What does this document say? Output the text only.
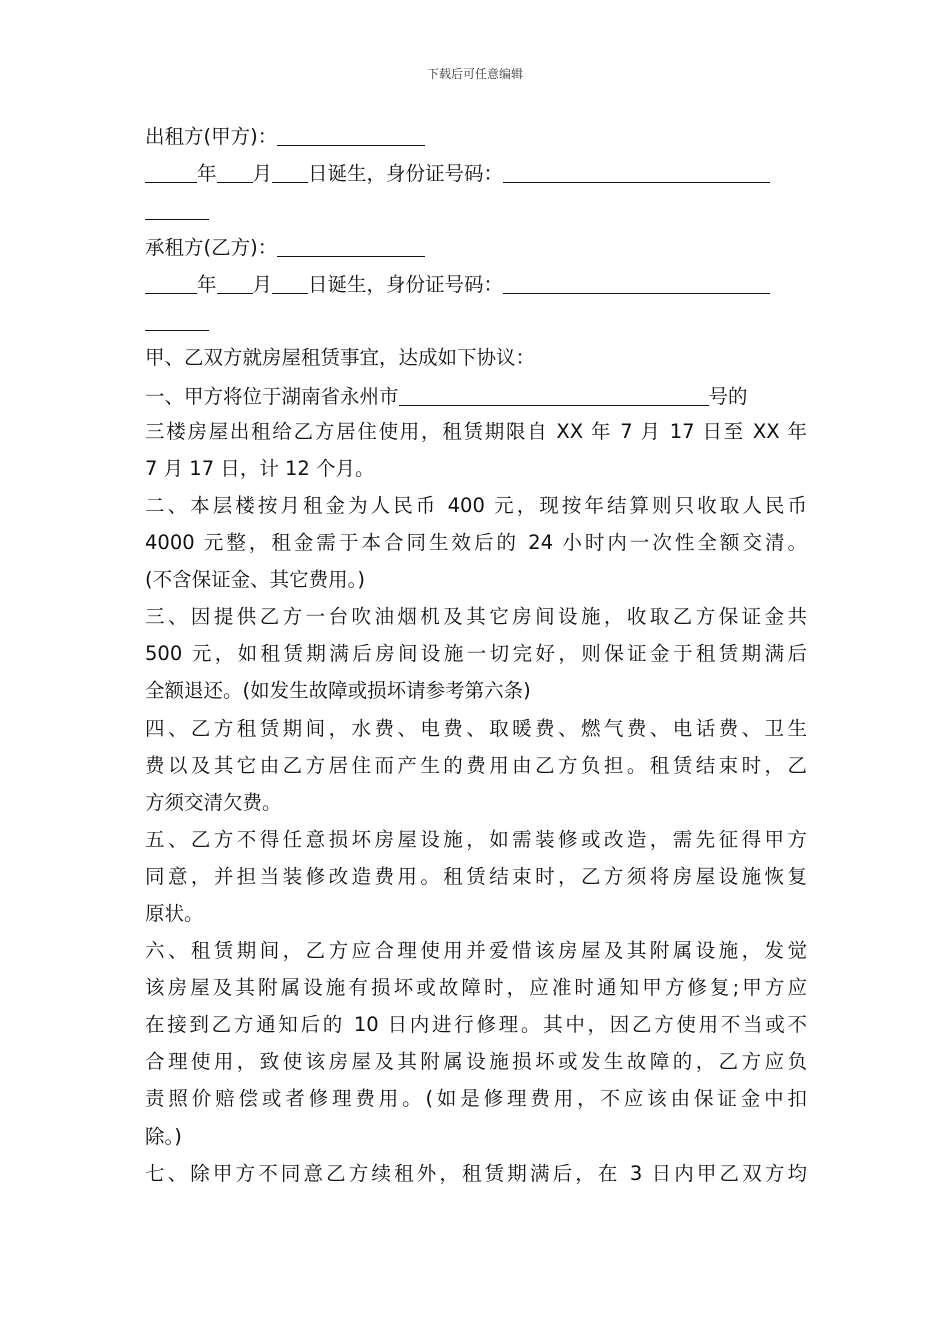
下载后可任意编辑
出租方(甲方)：
年 月 日诞生，身份证号码：
承租方(乙方)：
年 月 日诞生，身份证号码：
甲、乙双方就房屋租赁事宜，达成如下协议：
一、甲方将位于湖南省永州市	号的
三楼房屋出租给乙方居住使用，租赁期限自 XX 年 7 月 17 日至 XX 年
7 月 17 日，计 12 个月。
二、本层楼按月租金为人民币 400 元，现按年结算则只收取人民币
4000 元整，租金需于本合同生效后的 24 小时内一次性全额交清。
(不含保证金、其它费用。)
三、因提供乙方一台吹油烟机及其它房间设施，收取乙方保证金共
500 元，如租赁期满后房间设施一切完好，则保证金于租赁期满后
全额退还。(如发生故障或损坏请参考第六条)
四、乙方租赁期间，水费、电费、取暖费、燃气费、电话费、卫生
费以及其它由乙方居住而产生的费用由乙方负担。租赁结束时，乙
方须交清欠费。
五、乙方不得任意损坏房屋设施，如需装修或改造，需先征得甲方
同意，并担当装修改造费用。租赁结束时，乙方须将房屋设施恢复
原状。
六、租赁期间，乙方应合理使用并爱惜该房屋及其附属设施，发觉
该房屋及其附属设施有损坏或故障时，应准时通知甲方修复;甲方应
在接到乙方通知后的 10 日内进行修理。其中，因乙方使用不当或不
合理使用，致使该房屋及其附属设施损坏或发生故障的，乙方应负
责照价赔偿或者修理费用。(如是修理费用，不应该由保证金中扣
除。)
七、除甲方不同意乙方续租外，租赁期满后，在 3 日内甲乙双方均
